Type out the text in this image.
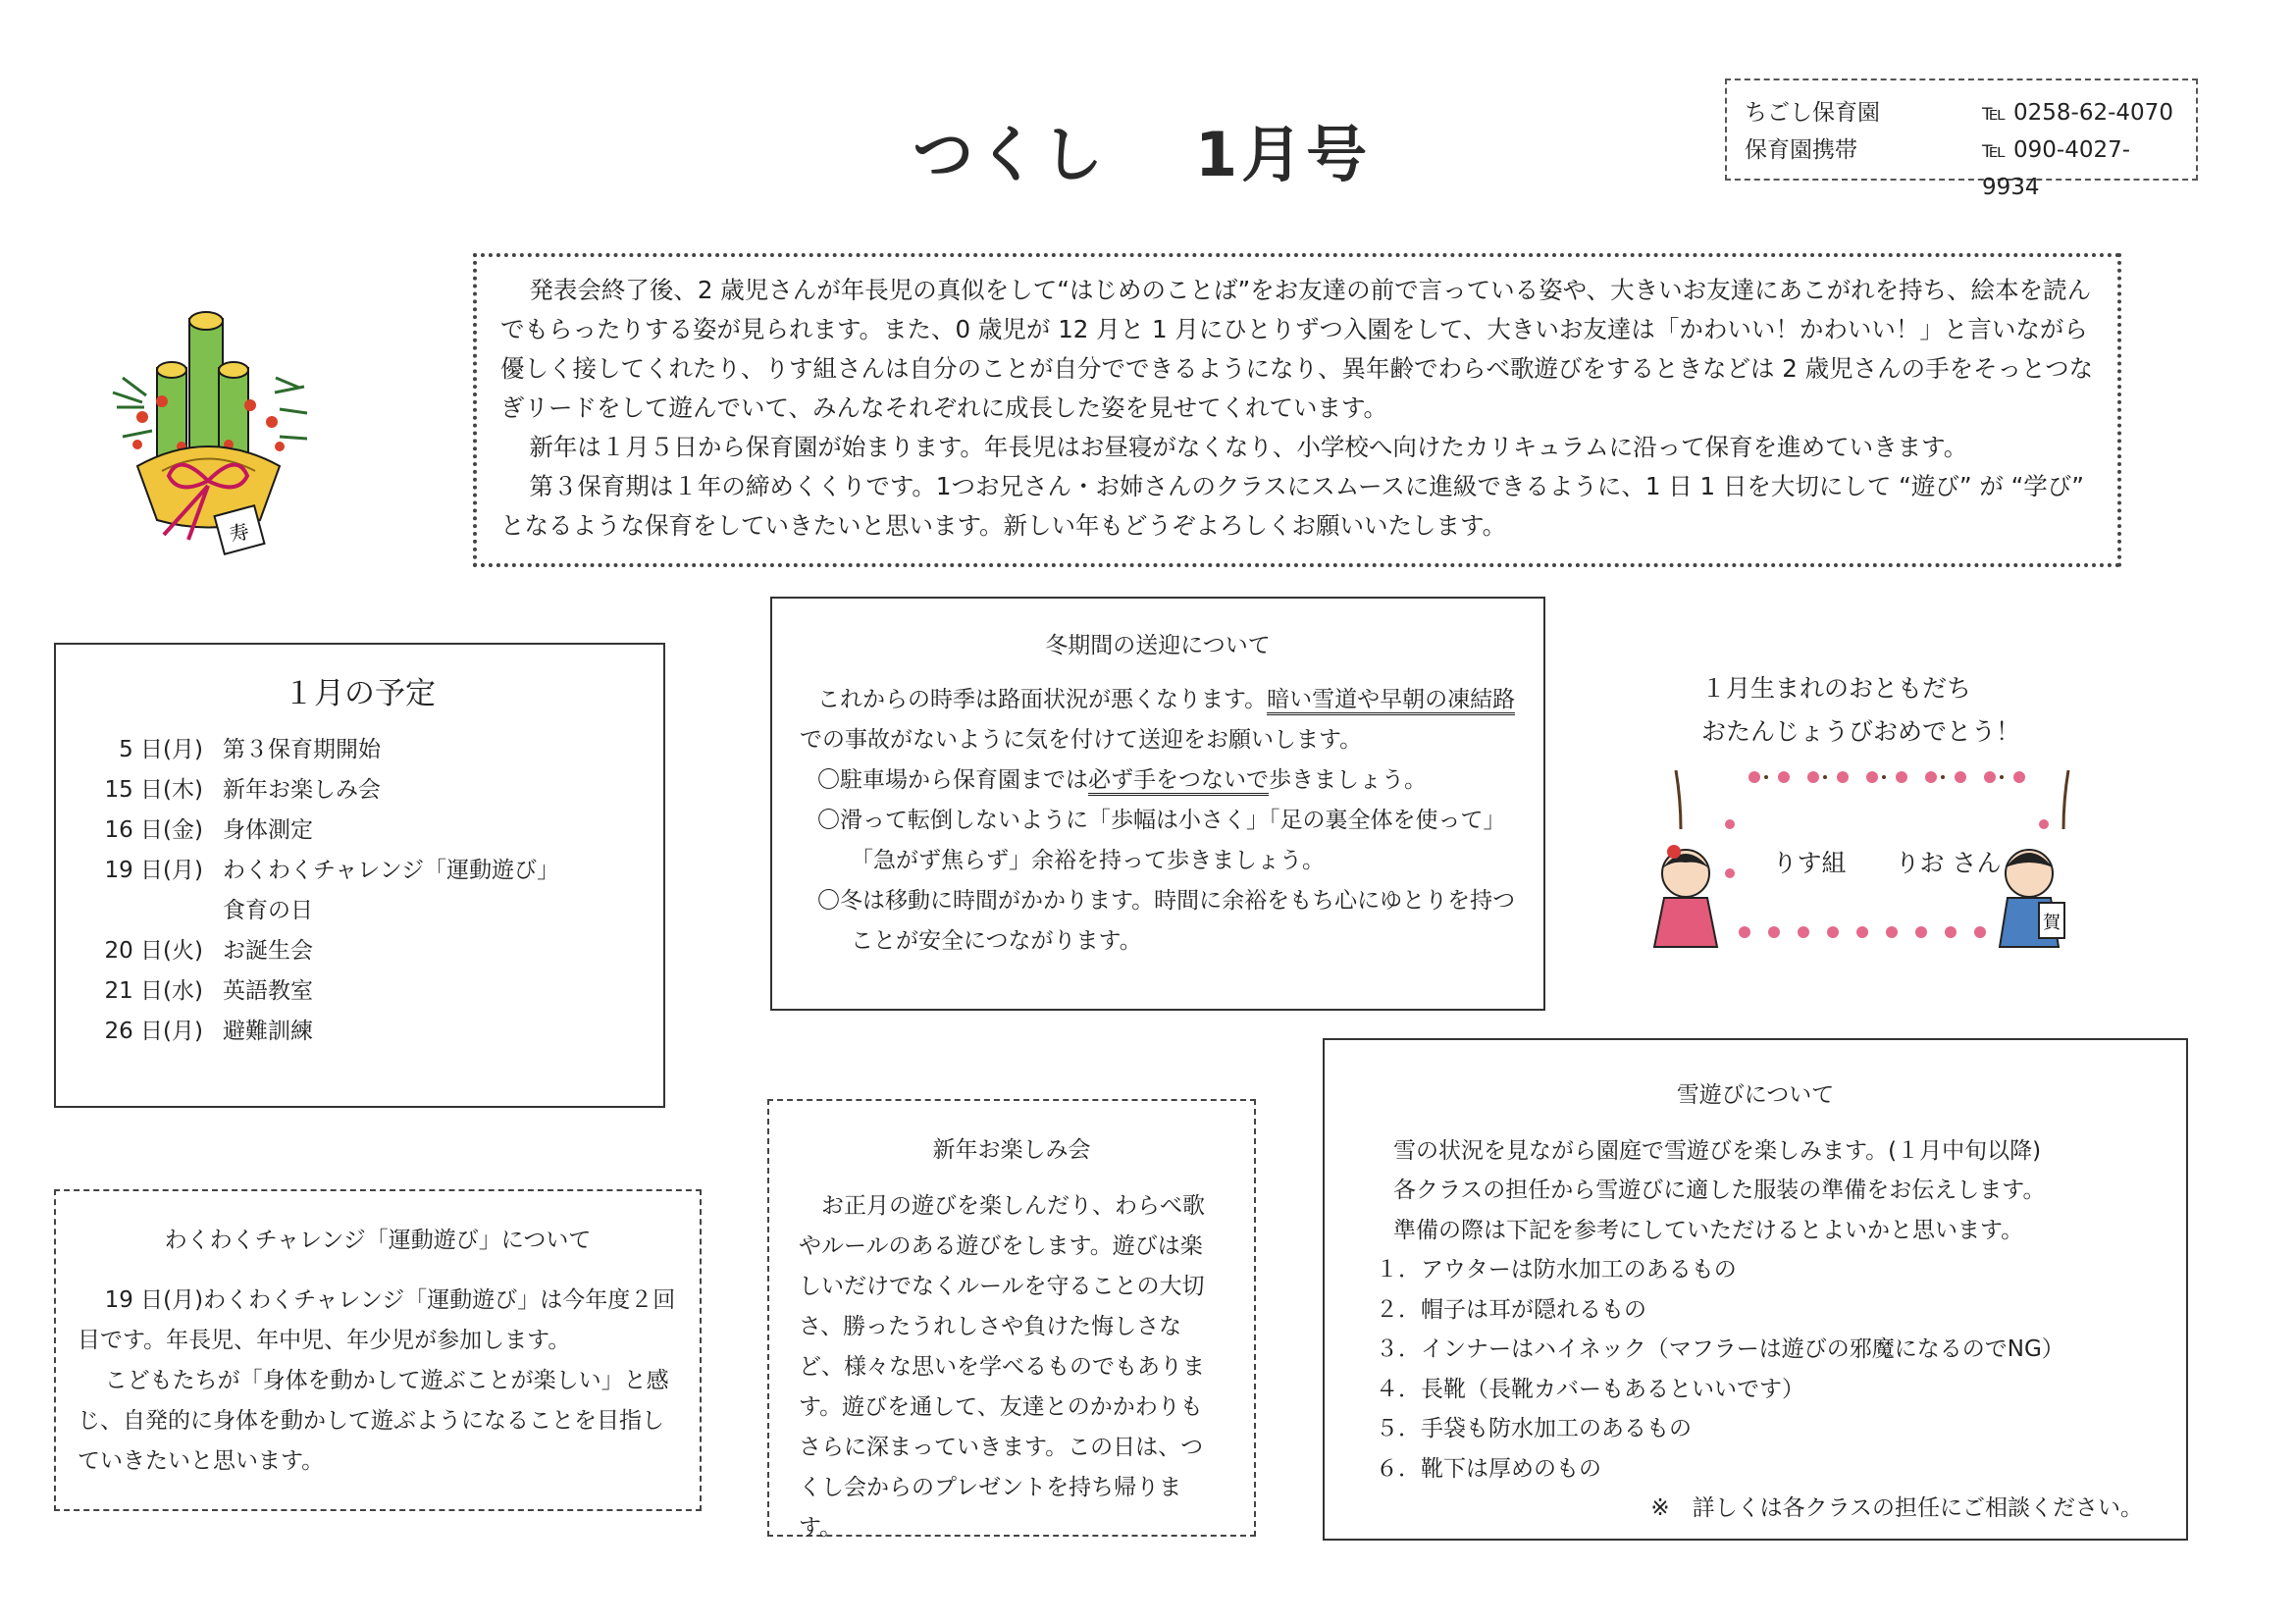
つくし 1月号
ちごし保育園	℡ 0258-62-4070
保育園携帯	℡ 090-4027-9934
寿

発表会終了後、2 歳児さんが年長児の真似をして“はじめのことば”をお友達の前で言っている姿や、大きいお友達にあこがれを持ち、絵本を読んでもらったりする姿が見られます。また、0 歳児が 12 月と 1 月にひとりずつ入園をして、大きいお友達は「かわいい！かわいい！」と言いながら優しく接してくれたり、りす組さんは自分のことが自分でできるようになり、異年齢でわらべ歌遊びをするときなどは 2 歳児さんの手をそっとつなぎリードをして遊んでいて、みんなそれぞれに成長した姿を見せてくれています。

新年は１月５日から保育園が始まります。年長児はお昼寝がなくなり、小学校へ向けたカリキュラムに沿って保育を進めていきます。

第３保育期は１年の締めくくりです。1つお兄さん・お姉さんのクラスにスムースに進級できるように、1 日 1 日を大切にして “遊び” が “学び” となるような保育をしていきたいと思います。新しい年もどうぞよろしくお願いいたします。

１月の予定
5 日(月) 第３保育期開始
15 日(木) 新年お楽しみ会
16 日(金) 身体測定
19 日(月) わくわくチャレンジ「運動遊び」
食育の日
20 日(火) お誕生会
21 日(水) 英語教室
26 日(月) 避難訓練
冬期間の送迎について

これからの時季は路面状況が悪くなります。暗い雪道や早朝の凍結路

での事故がないように気を付けて送迎をお願いします。

〇駐車場から保育園までは必ず手をつないで歩きましょう。

〇滑って転倒しないように「歩幅は小さく」「足の裏全体を使って」

「急がず焦らず」余裕を持って歩きましょう。

〇冬は移動に時間がかかります。時間に余裕をもち心にゆとりを持つ

ことが安全につながります。

１月生まれのおともだち
おたんじょうびおめでとう！
賀
りす組　　りお さん
わくわくチャレンジ「運動遊び」について

19 日(月)わくわくチャレンジ「運動遊び」は今年度２回目です。年長児、年中児、年少児が参加します。

こどもたちが「身体を動かして遊ぶことが楽しい」と感じ、自発的に身体を動かして遊ぶようになることを目指していきたいと思います。

新年お楽しみ会

お正月の遊びを楽しんだり、わらべ歌やルールのある遊びをします。遊びは楽しいだけでなくルールを守ることの大切さ、勝ったうれしさや負けた悔しさなど、様々な思いを学べるものでもあります。遊びを通して、友達とのかかわりもさらに深まっていきます。この日は、つくし会からのプレゼントを持ち帰ります。

雪遊びについて
雪の状況を見ながら園庭で雪遊びを楽しみます。(１月中旬以降)
各クラスの担任から雪遊びに適した服装の準備をお伝えします。
準備の際は下記を参考にしていただけるとよいかと思います。
１．アウターは防水加工のあるもの
２．帽子は耳が隠れるもの
３．インナーはハイネック（マフラーは遊びの邪魔になるのでNG）
４．長靴（長靴カバーもあるといいです）
５．手袋も防水加工のあるもの
６．靴下は厚めのもの
※　詳しくは各クラスの担任にご相談ください。
